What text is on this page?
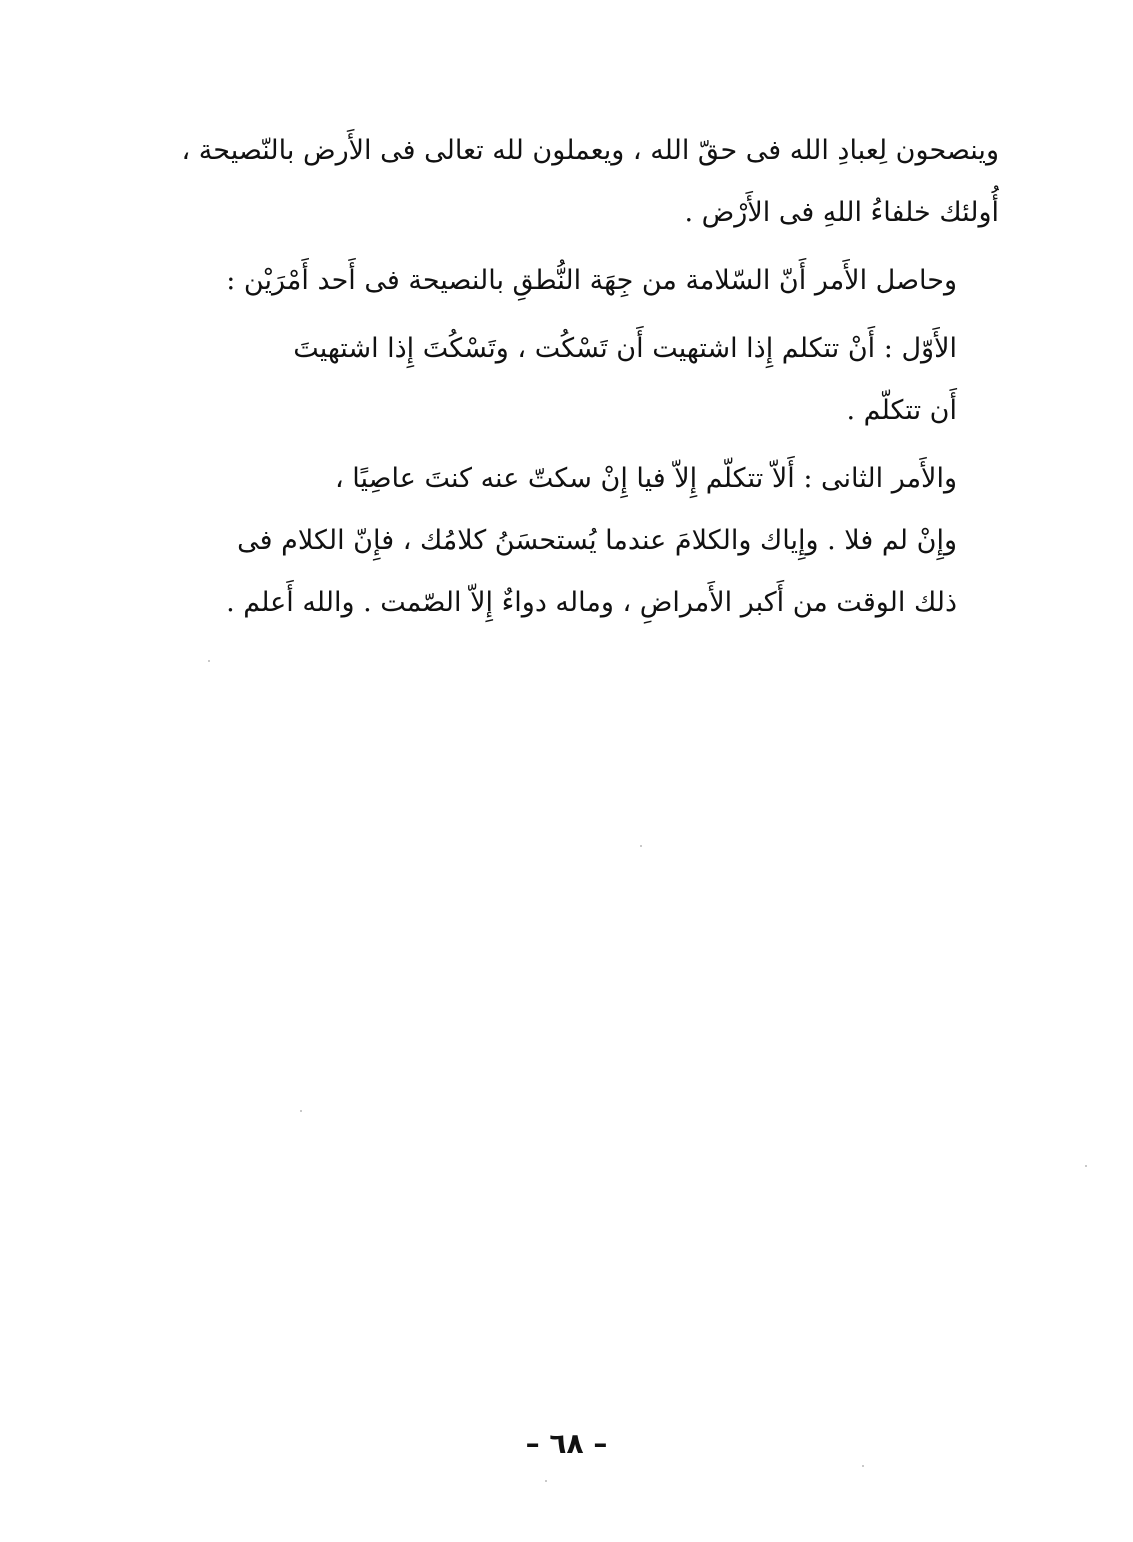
وينصحون لِعبادِ الله فى حقّ الله ، ويعملون لله تعالى فى الأَرض بالنّصيحة ،
أُولئك خلفاءُ اللهِ فى الأَرْض .

وحاصل الأَمر أَنّ السّلامة من جِهَة النُّطقِ بالنصيحة فى أَحد أَمْرَيْن :

الأَوّل : أَنْ تتكلم إِذا اشتهيت أَن تَسْكُت ، وتَسْكُتَ إِذا اشتهيتَ
أَن تتكلّم .

والأَمر الثانى : أَلاّ تتكلّم إِلاّ فيا إِنْ سكتّ عنه كنتَ عاصِيًا ،
وإِنْ لم فلا . وإِياك والكلامَ عندما يُستحسَنُ كلامُك ، فإِنّ الكلام فى
ذلك الوقت من أَكبر الأَمراضِ ، وماله دواءٌ إِلاّ الصّمت . والله أَعلم .

– ٦٨ –
